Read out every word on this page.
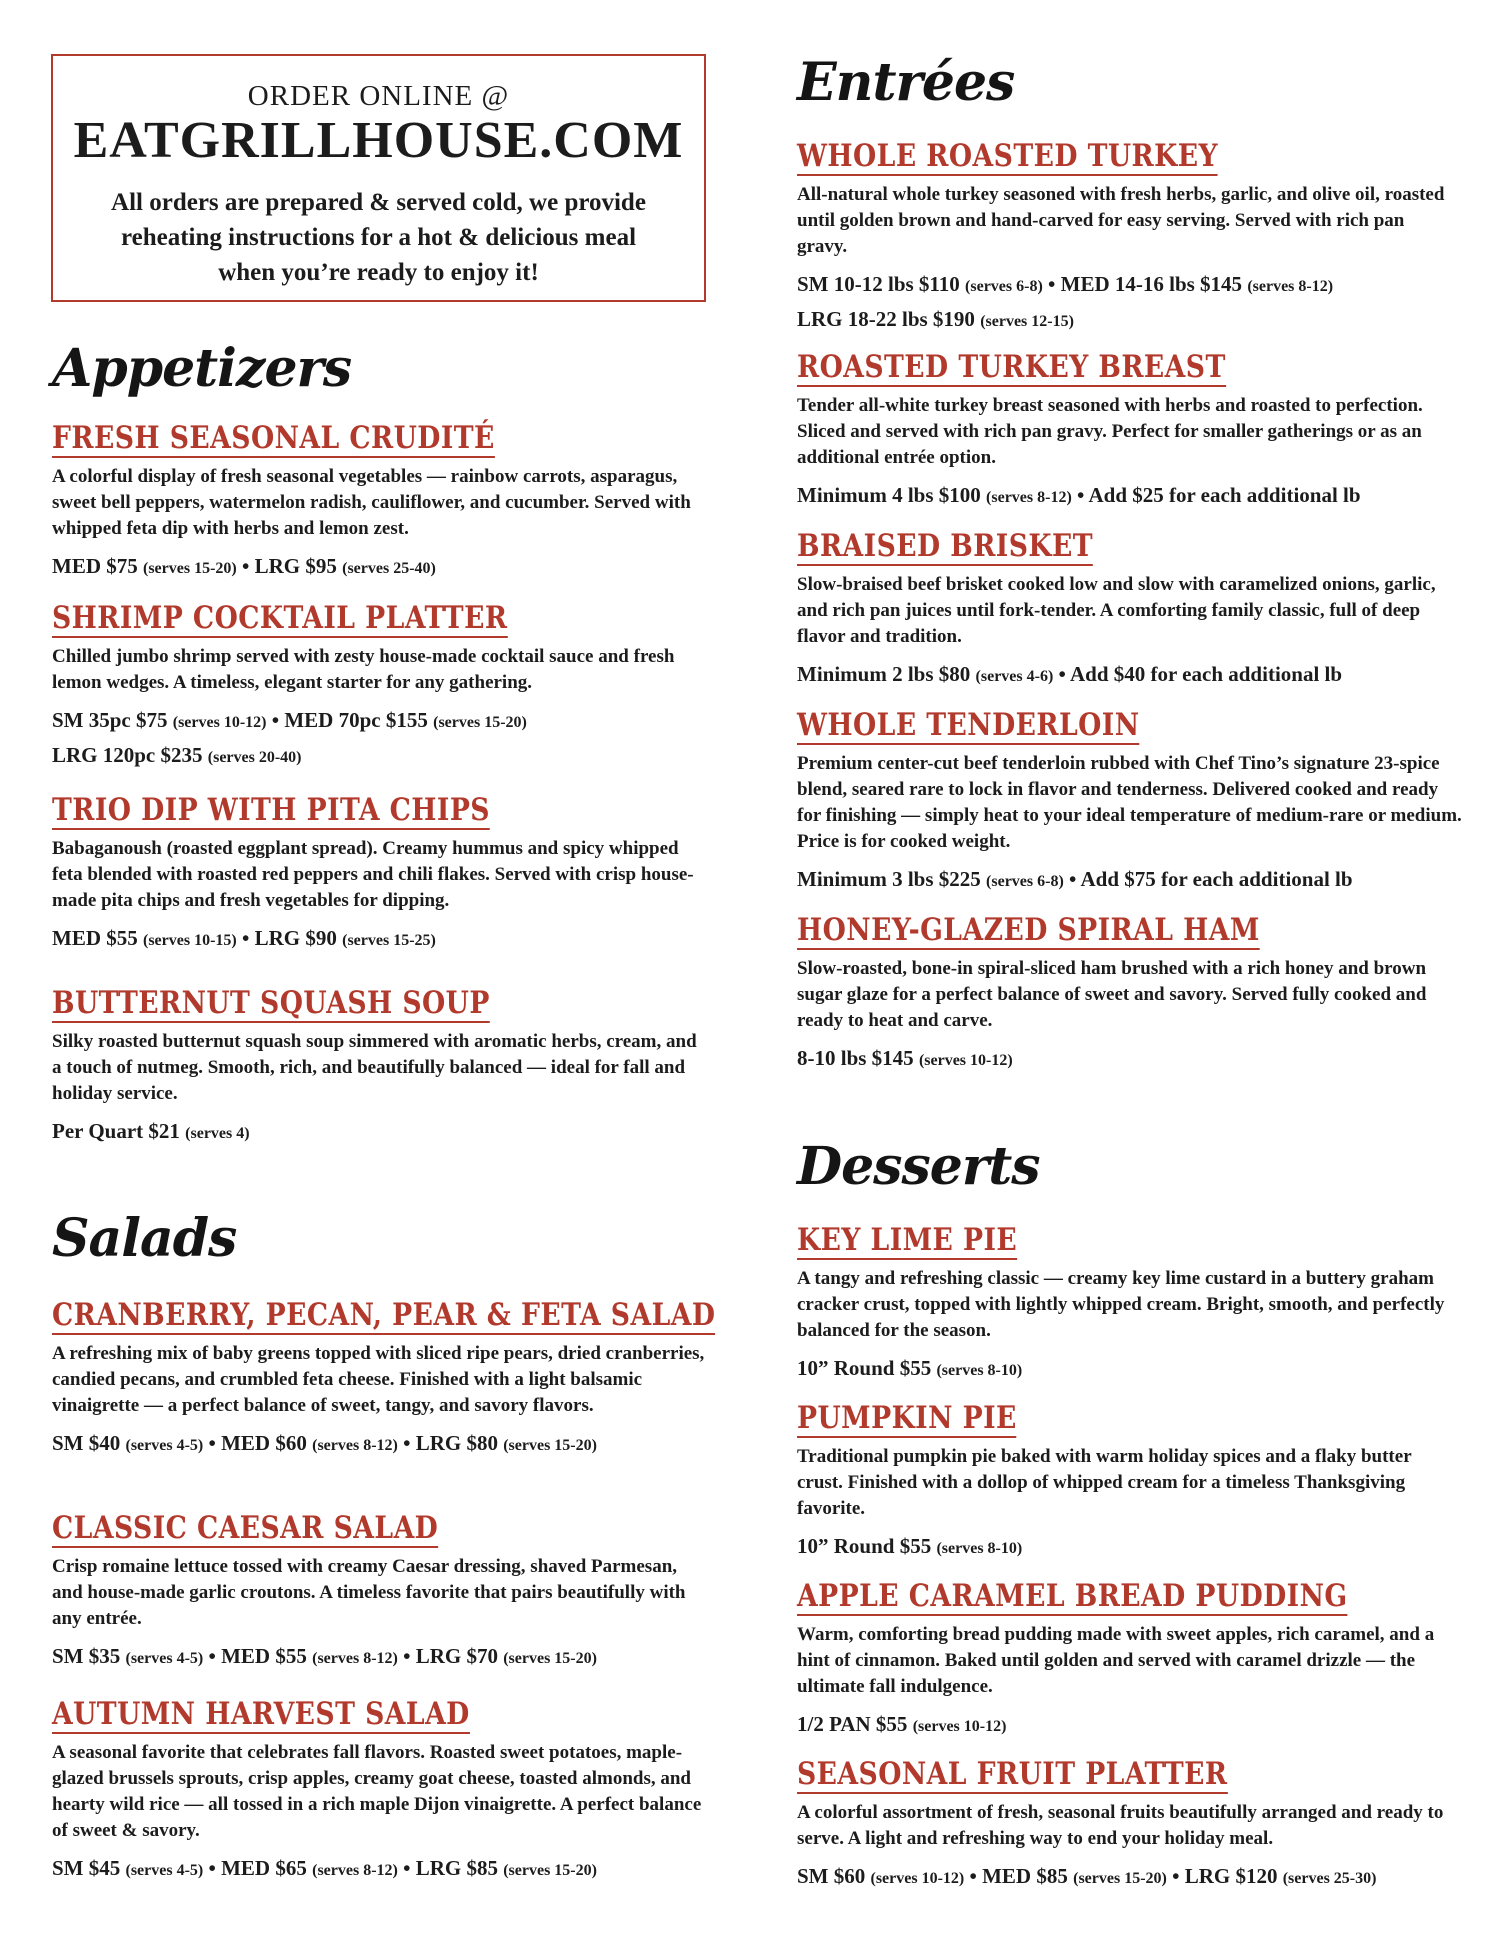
ORDER ONLINE @
EATGRILLHOUSE.COM
All orders are prepared & served cold, we provide reheating instructions for a hot & delicious meal when you’re ready to enjoy it!
Appetizers
Salads
Entrées
Desserts
FRESH SEASONAL CRUDITÉ
A colorful display of fresh seasonal vegetables — rainbow carrots, asparagus, sweet bell peppers, watermelon radish, cauliflower, and cucumber. Served with whipped feta dip with herbs and lemon zest.
MED $75 (serves 15-20) • LRG $95 (serves 25-40)
SHRIMP COCKTAIL PLATTER
Chilled jumbo shrimp served with zesty house-made cocktail sauce and fresh lemon wedges. A timeless, elegant starter for any gathering.
SM 35pc $75 (serves 10-12) • MED 70pc $155 (serves 15-20)
LRG 120pc $235 (serves 20-40)
TRIO DIP WITH PITA CHIPS
Babaganoush (roasted eggplant spread). Creamy hummus and spicy whipped feta blended with roasted red peppers and chili flakes. Served with crisp house-made pita chips and fresh vegetables for dipping.
MED $55 (serves 10-15) • LRG $90 (serves 15-25)
BUTTERNUT SQUASH SOUP
Silky roasted butternut squash soup simmered with aromatic herbs, cream, and a touch of nutmeg. Smooth, rich, and beautifully balanced — ideal for fall and holiday service.
Per Quart $21 (serves 4)
CRANBERRY, PECAN, PEAR & FETA SALAD
A refreshing mix of baby greens topped with sliced ripe pears, dried cranberries, candied pecans, and crumbled feta cheese. Finished with a light balsamic vinaigrette — a perfect balance of sweet, tangy, and savory flavors.
SM $40 (serves 4-5) • MED $60 (serves 8-12) • LRG $80 (serves 15-20)
CLASSIC CAESAR SALAD
Crisp romaine lettuce tossed with creamy Caesar dressing, shaved Parmesan, and house-made garlic croutons. A timeless favorite that pairs beautifully with any entrée.
SM $35 (serves 4-5) • MED $55 (serves 8-12) • LRG $70 (serves 15-20)
AUTUMN HARVEST SALAD
A seasonal favorite that celebrates fall flavors. Roasted sweet potatoes, maple-glazed brussels sprouts, crisp apples, creamy goat cheese, toasted almonds, and hearty wild rice — all tossed in a rich maple Dijon vinaigrette. A perfect balance of sweet & savory.
SM $45 (serves 4-5) • MED $65 (serves 8-12) • LRG $85 (serves 15-20)
WHOLE ROASTED TURKEY
All-natural whole turkey seasoned with fresh herbs, garlic, and olive oil, roasted until golden brown and hand-carved for easy serving. Served with rich pan gravy.
SM 10-12 lbs $110 (serves 6-8) • MED 14-16 lbs $145 (serves 8-12)
LRG 18-22 lbs $190 (serves 12-15)
ROASTED TURKEY BREAST
Tender all-white turkey breast seasoned with herbs and roasted to perfection. Sliced and served with rich pan gravy. Perfect for smaller gatherings or as an additional entrée option.
Minimum 4 lbs $100 (serves 8-12) • Add $25 for each additional lb
BRAISED BRISKET
Slow-braised beef brisket cooked low and slow with caramelized onions, garlic, and rich pan juices until fork-tender. A comforting family classic, full of deep flavor and tradition.
Minimum 2 lbs $80 (serves 4-6) • Add $40 for each additional lb
WHOLE TENDERLOIN
Premium center-cut beef tenderloin rubbed with Chef Tino’s signature 23-spice blend, seared rare to lock in flavor and tenderness. Delivered cooked and ready for finishing — simply heat to your ideal temperature of medium-rare or medium. Price is for cooked weight.
Minimum 3 lbs $225 (serves 6-8) • Add $75 for each additional lb
HONEY-GLAZED SPIRAL HAM
Slow-roasted, bone-in spiral-sliced ham brushed with a rich honey and brown sugar glaze for a perfect balance of sweet and savory. Served fully cooked and ready to heat and carve.
8-10 lbs $145 (serves 10-12)
KEY LIME PIE
A tangy and refreshing classic — creamy key lime custard in a buttery graham cracker crust, topped with lightly whipped cream. Bright, smooth, and perfectly balanced for the season.
10” Round $55 (serves 8-10)
PUMPKIN PIE
Traditional pumpkin pie baked with warm holiday spices and a flaky butter crust. Finished with a dollop of whipped cream for a timeless Thanksgiving favorite.
10” Round $55 (serves 8-10)
APPLE CARAMEL BREAD PUDDING
Warm, comforting bread pudding made with sweet apples, rich caramel, and a hint of cinnamon. Baked until golden and served with caramel drizzle — the ultimate fall indulgence.
1/2 PAN $55 (serves 10-12)
SEASONAL FRUIT PLATTER
A colorful assortment of fresh, seasonal fruits beautifully arranged and ready to serve. A light and refreshing way to end your holiday meal.
SM $60 (serves 10-12) • MED $85 (serves 15-20) • LRG $120 (serves 25-30)
